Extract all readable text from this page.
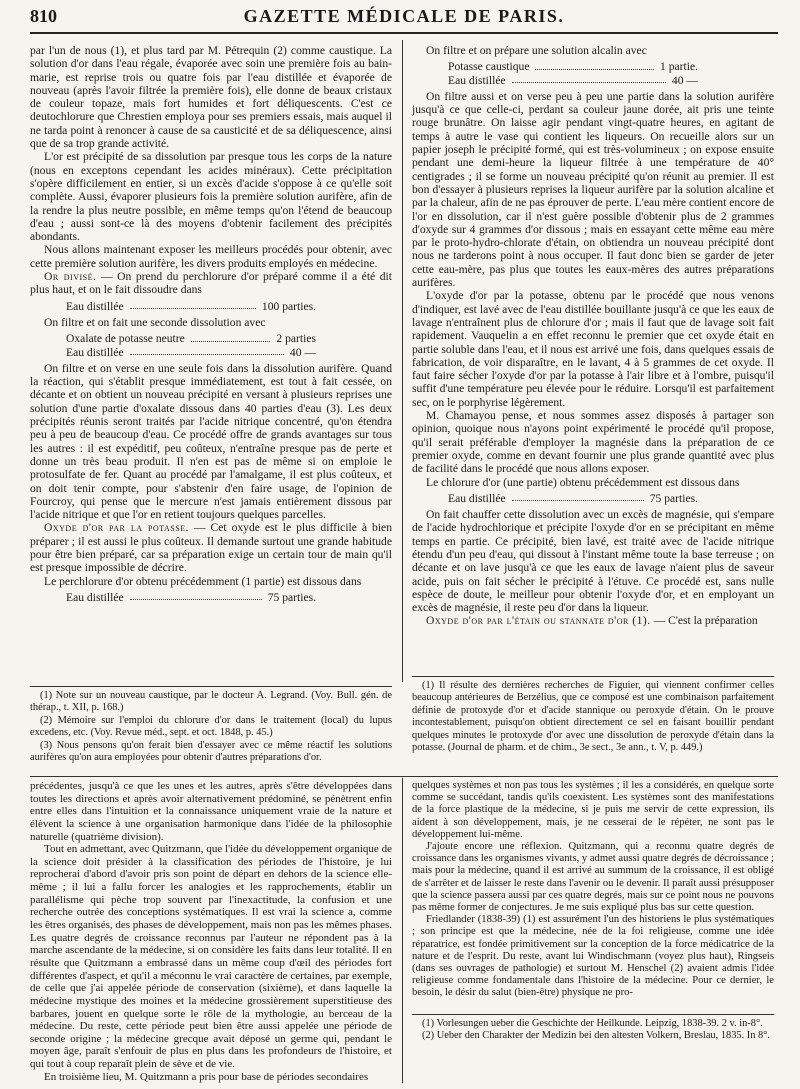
810	GAZETTE MÉDICALE DE PARIS.

par l'un de nous (1), et plus tard par M. Pétrequin (2) comme caustique. La solution d'or dans l'eau régale, évaporée avec soin une première fois au bain-marie, est reprise trois ou quatre fois par l'eau distillée et évaporée de nouveau (après l'avoir filtrée la première fois), elle donne de beaux cristaux de couleur topaze, mais fort humides et fort déliquescents. C'est ce deutochlorure que Chrestien employa pour ses premiers essais, mais auquel il ne tarda point à renoncer à cause de sa causticité et de sa déliquescence, ainsi que de sa trop grande activité.

L'or est précipité de sa dissolution par presque tous les corps de la nature (nous en exceptons cependant les acides minéraux). Cette précipitation s'opère difficilement en entier, si un excès d'acide s'oppose à ce qu'elle soit complète. Aussi, évaporer plusieurs fois la première solution aurifère, afin de la rendre la plus neutre possible, en même temps qu'on l'étend de beaucoup d'eau ; aussi sont-ce là des moyens d'obtenir facilement des précipités abondants.

Nous allons maintenant exposer les meilleurs procédés pour obtenir, avec cette première solution aurifère, les divers produits employés en médecine.

Or divisé. — On prend du perchlorure d'or préparé comme il a été dit plus haut, et on le fait dissoudre dans

Eau distillée	100 parties.

On filtre et on fait une seconde dissolution avec

Oxalate de potasse neutre	2 parties
Eau distillée	40 —

On filtre et on verse en une seule fois dans la dissolution aurifère. Quand la réaction, qui s'établit presque immédiatement, est tout à fait cessée, on décante et on obtient un nouveau précipité en versant à plusieurs reprises une solution d'une partie d'oxalate dissous dans 40 parties d'eau (3). Les deux précipités réunis seront traités par l'acide nitrique concentré, qu'on étendra peu à peu de beaucoup d'eau. Ce procédé offre de grands avantages sur tous les autres : il est expéditif, peu coûteux, n'entraîne presque pas de perte et donne un très beau produit. Il n'en est pas de même si on emploie le protosulfate de fer. Quant au procédé par l'amalgame, il est plus coûteux, et on doit tenir compte, pour s'abstenir d'en faire usage, de l'opinion de Fourcroy, qui pense que le mercure n'est jamais entièrement dissous par l'acide nitrique et que l'or en retient toujours quelques parcelles.

Oxyde d'or par la potasse. — Cet oxyde est le plus difficile à bien préparer ; il est aussi le plus coûteux. Il demande surtout une grande habitude pour être bien préparé, car sa préparation exige un certain tour de main qu'il est presque impossible de décrire.

Le perchlorure d'or obtenu précédemment (1 partie) est dissous dans

Eau distillée	75 parties.

On filtre et on prépare une solution alcalin avec

Potasse caustique	1 partie.
Eau distillée	40 —

On filtre aussi et on verse peu à peu une partie dans la solution aurifère jusqu'à ce que celle-ci, perdant sa couleur jaune dorée, ait pris une teinte rouge brunâtre. On laisse agir pendant vingt-quatre heures, en agitant de temps à autre le vase qui contient les liqueurs. On recueille alors sur un papier joseph le précipité formé, qui est très-volumineux ; on expose ensuite pendant une demi-heure la liqueur filtrée à une température de 40° centigrades ; il se forme un nouveau précipité qu'on réunit au premier. Il est bon d'essayer à plusieurs reprises la liqueur aurifère par la solution alcaline et par la chaleur, afin de ne pas éprouver de perte. L'eau mère contient encore de l'or en dissolution, car il n'est guère possible d'obtenir plus de 2 grammes d'oxyde sur 4 grammes d'or dissous ; mais en essayant cette même eau mère par le proto-hydro-chlorate d'étain, on obtiendra un nouveau précipité dont nous ne tarderons point à nous occuper. Il faut donc bien se garder de jeter cette eau-mère, pas plus que toutes les eaux-mères des autres préparations aurifères.

L'oxyde d'or par la potasse, obtenu par le procédé que nous venons d'indiquer, est lavé avec de l'eau distillée bouillante jusqu'à ce que les eaux de lavage n'entraînent plus de chlorure d'or ; mais il faut que de lavage soit fait rapidement. Vauquelin a en effet reconnu le premier que cet oxyde était en partie soluble dans l'eau, et il nous est arrivé une fois, dans quelques essais de fabrication, de voir disparaître, en le lavant, 4 à 5 grammes de cet oxyde. Il faut faire sécher l'oxyde d'or par la potasse à l'air libre et à l'ombre, puisqu'il suffit d'une température peu élevée pour le réduire. Lorsqu'il est parfaitement sec, on le porphyrise légèrement.

M. Chamayou pense, et nous sommes assez disposés à partager son opinion, quoique nous n'ayons point expérimenté le procédé qu'il propose, qu'il serait préférable d'employer la magnésie dans la préparation de ce premier oxyde, comme en devant fournir une plus grande quantité avec plus de facilité dans le procédé que nous allons exposer.

Le chlorure d'or (une partie) obtenu précédemment est dissous dans

Eau distillée	75 parties.

On fait chauffer cette dissolution avec un excès de magnésie, qui s'empare de l'acide hydrochlorique et précipite l'oxyde d'or en se précipitant en même temps en partie. Ce précipité, bien lavé, est traité avec de l'acide nitrique étendu d'un peu d'eau, qui dissout à l'instant même toute la base terreuse ; on décante et on lave jusqu'à ce que les eaux de lavage n'aient plus de saveur acide, puis on fait sécher le précipité à l'étuve. Ce procédé est, sans nulle espèce de doute, le meilleur pour obtenir l'oxyde d'or, et en employant un excès de magnésie, il reste peu d'or dans la liqueur.

Oxyde d'or par l'étain ou stannate d'or (1). — C'est la préparation

(1) Note sur un nouveau caustique, par le docteur A. Legrand. (Voy. Bull. gén. de thérap., t. XII, p. 168.)

(2) Mémoire sur l'emploi du chlorure d'or dans le traitement (local) du lupus excedens, etc. (Voy. Revue méd., sept. et oct. 1848, p. 45.)

(3) Nous pensons qu'on ferait bien d'essayer avec ce même réactif les solutions aurifères qu'on aura employées pour obtenir d'autres préparations d'or.

(1) Il résulte des dernières recherches de Figuier, qui viennent confirmer celles beaucoup antérieures de Berzélius, que ce composé est une combinaison parfaitement définie de protoxyde d'or et d'acide stannique ou peroxyde d'étain. On le prouve incontestablement, puisqu'on obtient directement ce sel en faisant bouillir pendant quelques minutes le protoxyde d'or avec une dissolution de peroxyde d'étain dans la potasse. (Journal de pharm. et de chim., 3e sect., 3e ann., t. V, p. 449.)

précédentes, jusqu'à ce que les unes et les autres, après s'être développées dans toutes les directions et après avoir alternativement prédominé, se pénètrent enfin entre elles dans l'intuition et la connaissance uniquement vraie de la nature et élèvent la science à une organisation harmonique dans l'idée de la philosophie naturelle (quatrième division).

Tout en admettant, avec Quitzmann, que l'idée du développement organique de la science doit présider à la classification des périodes de l'histoire, je lui reprocherai d'abord d'avoir pris son point de départ en dehors de la science elle-même ; il lui a fallu forcer les analogies et les rapprochements, établir un parallélisme qui pèche trop souvent par l'inexactitude, la confusion et une recherche outrée des conceptions systématiques. Il est vrai la science a, comme les êtres organisés, des phases de développement, mais non pas les mêmes phases. Les quatre degrés de croissance reconnus par l'auteur ne répondent pas à la marche ascendante de la médecine, si on considère les faits dans leur totalité. Il en résulte que Quitzmann a embrassé dans un même coup d'œil des périodes fort différentes d'aspect, et qu'il a méconnu le vrai caractère de certaines, par exemple, de celle que j'ai appelée période de conservation (sixième), et dans laquelle la médecine mystique des moines et la médecine grossièrement superstitieuse des barbares, jouent en quelque sorte le rôle de la mythologie, au berceau de la médecine. Du reste, cette période peut bien être aussi appelée une période de seconde origine ; la médecine grecque avait déposé un germe qui, pendant le moyen âge, paraît s'enfouir de plus en plus dans les profondeurs de l'histoire, et qui tout à coup reparaît plein de sève et de vie.

En troisième lieu, M. Quitzmann a pris pour base de périodes secondaires

quelques systèmes et non pas tous les systèmes ; il les a considérés, en quelque sorte comme se succédant, tandis qu'ils coexistent. Les systèmes sont des manifestations de la force plastique de la médecine, si je puis me servir de cette expression, ils aident à son développement, mais, je ne cesserai de le répéter, ne sont pas le développement lui-même.

J'ajoute encore une réflexion. Quitzmann, qui a reconnu quatre degrés de croissance dans les organismes vivants, y admet aussi quatre degrés de décroissance ; mais pour la médecine, quand il est arrivé au summum de la croissance, il est obligé de s'arrêter et de laisser le reste dans l'avenir ou le devenir. Il paraît aussi présupposer que la science passera aussi par ces quatre degrés, mais sur ce point nous ne pouvons pas même former de conjectures. Je me suis expliqué plus bas sur cette question.

Friedlander (1838-39) (1) est assurément l'un des historiens le plus systématiques ; son principe est que la médecine, née de la foi religieuse, comme une idée réparatrice, est fondée primitivement sur la conception de la force médicatrice de la nature et de l'esprit. Du reste, avant lui Windischmann (voyez plus haut), Ringseis (dans ses ouvrages de pathologie) et surtout M. Henschel (2) avaient admis l'idée religieuse comme fondamentale dans l'histoire de la médecine. Pour ce dernier, le besoin, le désir du salut (bien-être) physique ne pro-

(1) Vorlesungen ueber die Geschichte der Heilkunde. Leipzig, 1838-39. 2 v. in-8°.

(2) Ueber den Charakter der Medizin bei den altesten Volkern, Breslau, 1835. In 8°.
